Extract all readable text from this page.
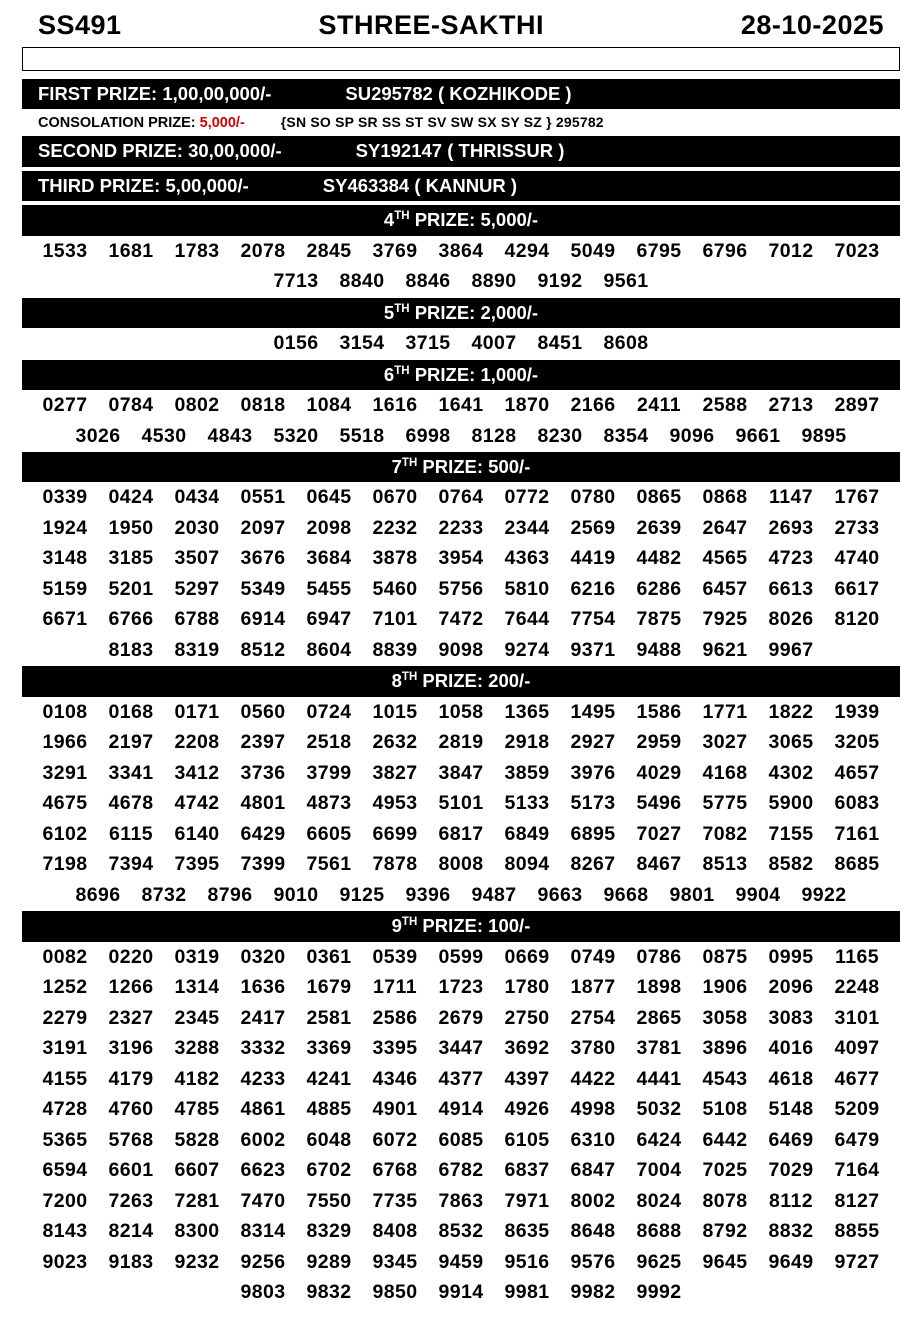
SS491	STHREE-SAKTHI	28-10-2025
FIRST PRIZE: 1,00,00,000/-	SU295782 ( KOZHIKODE )
CONSOLATION PRIZE: 5,000/-	{SN SO SP SR SS ST SV SW SX SY SZ } 295782
SECOND PRIZE: 30,00,000/-	SY192147 ( THRISSUR )
THIRD PRIZE: 5,00,000/-	SY463384 ( KANNUR )
4TH PRIZE: 5,000/-
1533	1681	1783	2078	2845	3769	3864	4294	5049	6795	6796	7012	7023
7713	8840	8846	8890	9192	9561
5TH PRIZE: 2,000/-
0156	3154	3715	4007	8451	8608
6TH PRIZE: 1,000/-
0277	0784	0802	0818	1084	1616	1641	1870	2166	2411	2588	2713	2897
3026	4530	4843	5320	5518	6998	8128	8230	8354	9096	9661	9895
7TH PRIZE: 500/-
0339	0424	0434	0551	0645	0670	0764	0772	0780	0865	0868	1147	1767
1924	1950	2030	2097	2098	2232	2233	2344	2569	2639	2647	2693	2733
3148	3185	3507	3676	3684	3878	3954	4363	4419	4482	4565	4723	4740
5159	5201	5297	5349	5455	5460	5756	5810	6216	6286	6457	6613	6617
6671	6766	6788	6914	6947	7101	7472	7644	7754	7875	7925	8026	8120
8183	8319	8512	8604	8839	9098	9274	9371	9488	9621	9967
8TH PRIZE: 200/-
0108	0168	0171	0560	0724	1015	1058	1365	1495	1586	1771	1822	1939
1966	2197	2208	2397	2518	2632	2819	2918	2927	2959	3027	3065	3205
3291	3341	3412	3736	3799	3827	3847	3859	3976	4029	4168	4302	4657
4675	4678	4742	4801	4873	4953	5101	5133	5173	5496	5775	5900	6083
6102	6115	6140	6429	6605	6699	6817	6849	6895	7027	7082	7155	7161
7198	7394	7395	7399	7561	7878	8008	8094	8267	8467	8513	8582	8685
8696	8732	8796	9010	9125	9396	9487	9663	9668	9801	9904	9922
9TH PRIZE: 100/-
0082	0220	0319	0320	0361	0539	0599	0669	0749	0786	0875	0995	1165
1252	1266	1314	1636	1679	1711	1723	1780	1877	1898	1906	2096	2248
2279	2327	2345	2417	2581	2586	2679	2750	2754	2865	3058	3083	3101
3191	3196	3288	3332	3369	3395	3447	3692	3780	3781	3896	4016	4097
4155	4179	4182	4233	4241	4346	4377	4397	4422	4441	4543	4618	4677
4728	4760	4785	4861	4885	4901	4914	4926	4998	5032	5108	5148	5209
5365	5768	5828	6002	6048	6072	6085	6105	6310	6424	6442	6469	6479
6594	6601	6607	6623	6702	6768	6782	6837	6847	7004	7025	7029	7164
7200	7263	7281	7470	7550	7735	7863	7971	8002	8024	8078	8112	8127
8143	8214	8300	8314	8329	8408	8532	8635	8648	8688	8792	8832	8855
9023	9183	9232	9256	9289	9345	9459	9516	9576	9625	9645	9649	9727
9803	9832	9850	9914	9981	9982	9992
